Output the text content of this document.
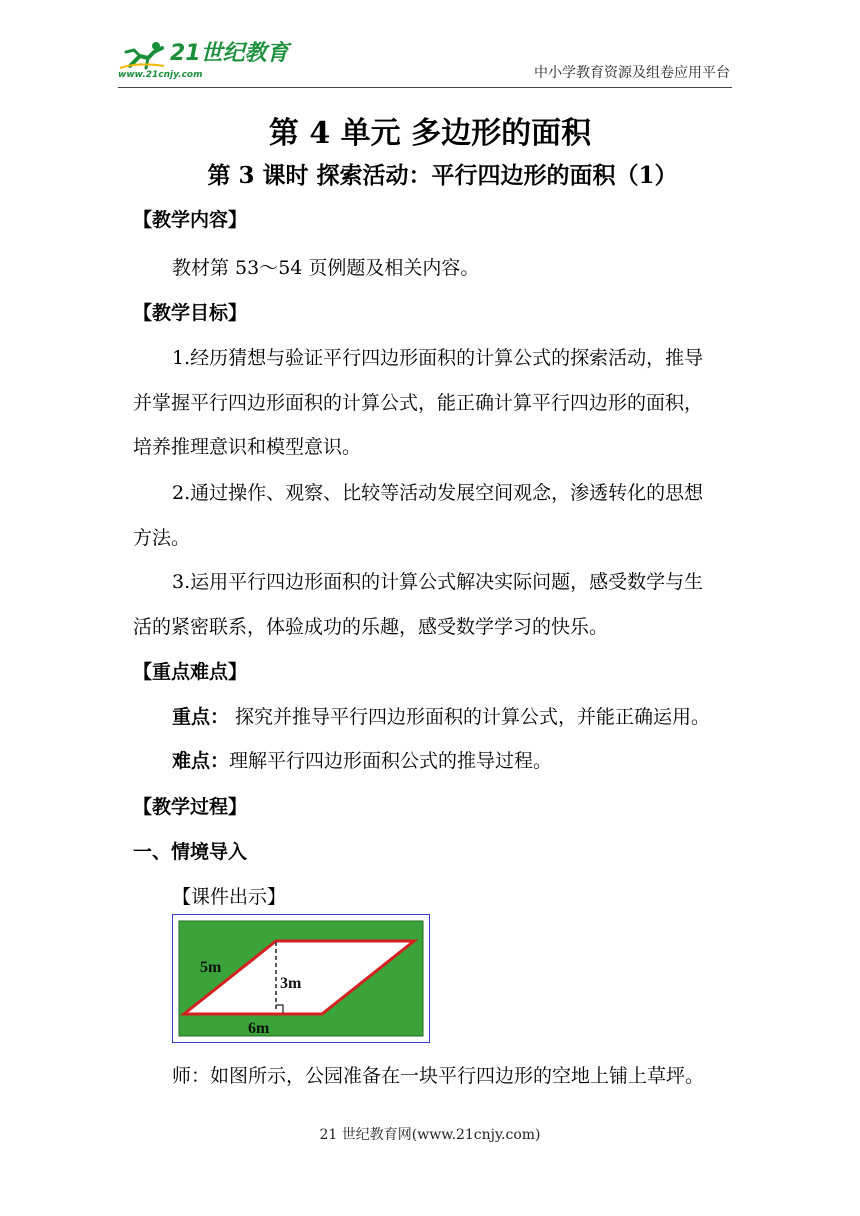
21世纪教育
www.21cnjy.com	中小学教育资源及组卷应用平台
第 4 单元 多边形的面积
第 3 课时 探索活动：平行四边形的面积（1）
【教学内容】
教材第 53～54 页例题及相关内容。
【教学目标】
1.经历猜想与验证平行四边形面积的计算公式的探索活动，推导
并掌握平行四边形面积的计算公式，能正确计算平行四边形的面积，
培养推理意识和模型意识。
2.通过操作、观察、比较等活动发展空间观念，渗透转化的思想
方法。
3.运用平行四边形面积的计算公式解决实际问题，感受数学与生
活的紧密联系，体验成功的乐趣，感受数学学习的快乐。
【重点难点】
重点： 探究并推导平行四边形面积的计算公式，并能正确运用。
难点：理解平行四边形面积公式的推导过程。
【教学过程】
一、情境导入
【课件出示】
5m
3m
6m
师：如图所示，公园准备在一块平行四边形的空地上铺上草坪。
21 世纪教育网(www.21cnjy.com)
